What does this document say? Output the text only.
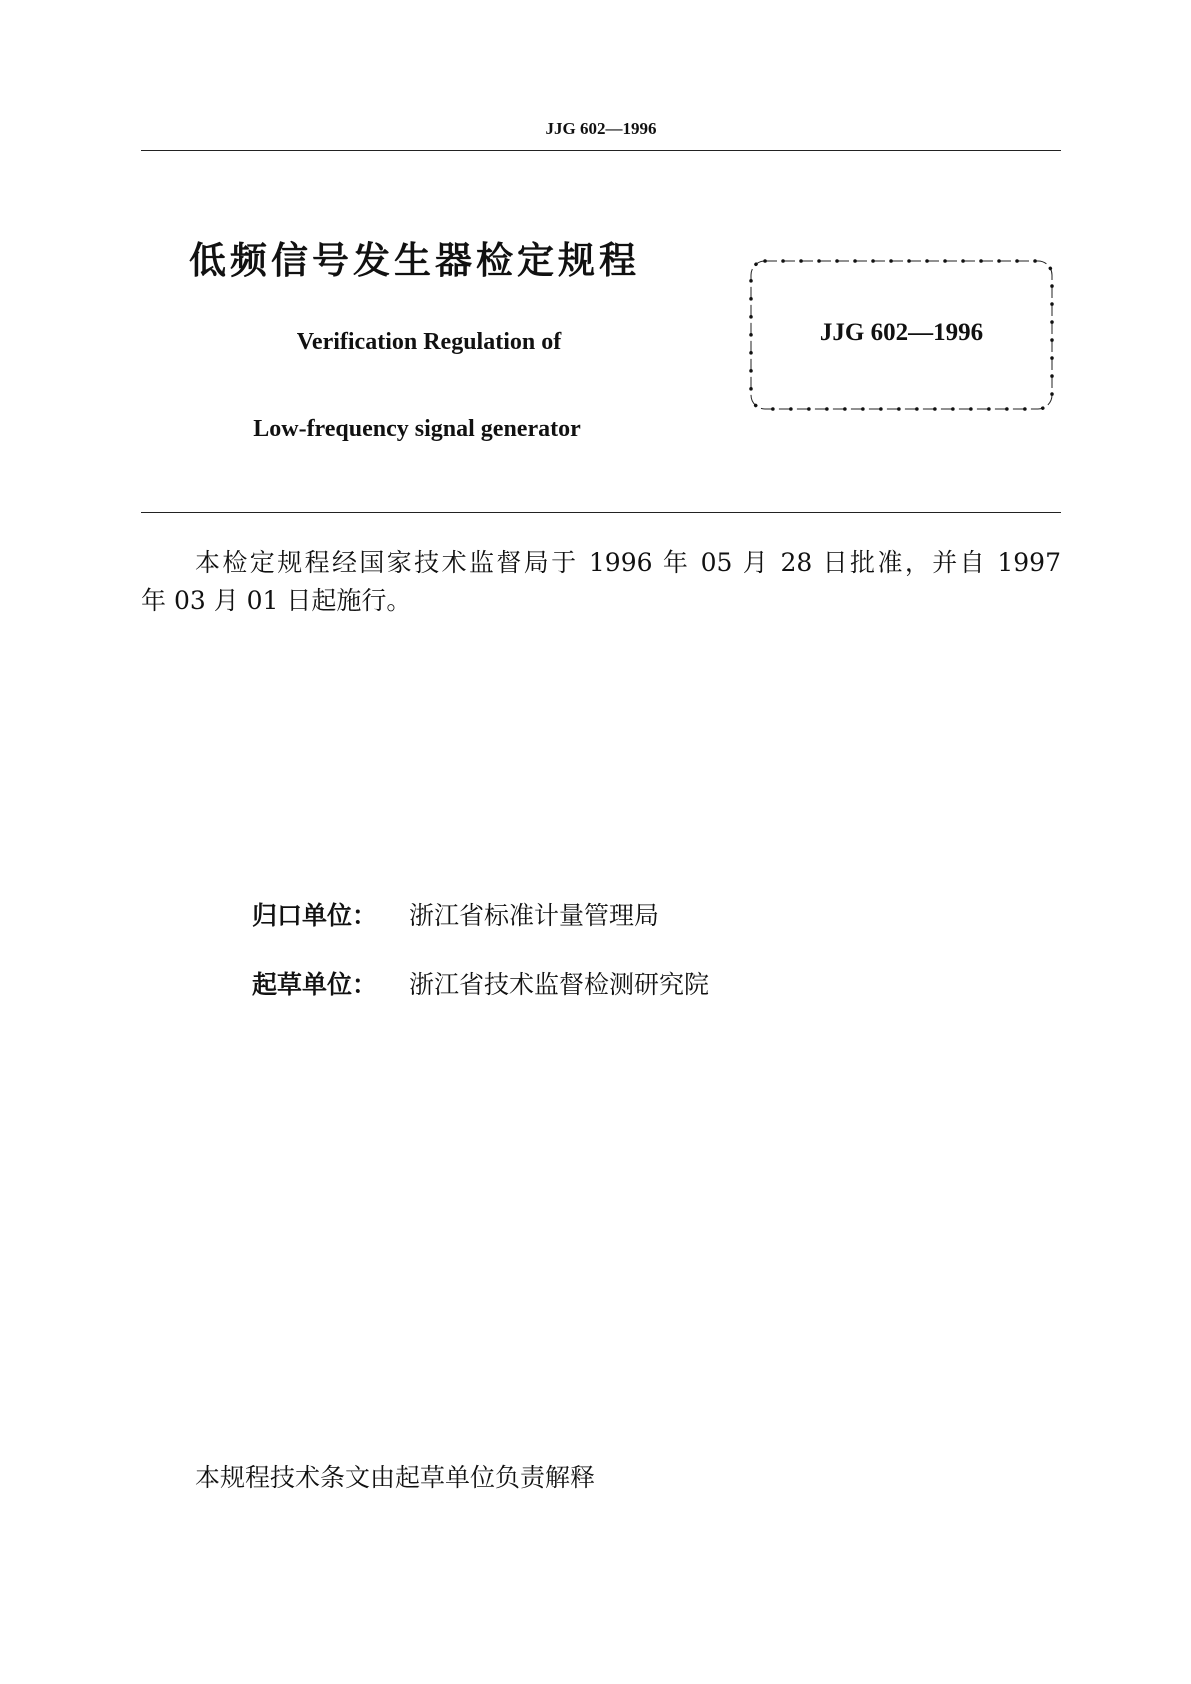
JJG 602—1996
低频信号发生器检定规程
Verification Regulation of
Low-frequency signal generator
JJG 602—1996
本检定规程经国家技术监督局于 1996 年 05 月 28 日批准，并自 1997
年 03 月 01 日起施行。
归口单位： 浙江省标准计量管理局
起草单位： 浙江省技术监督检测研究院
本规程技术条文由起草单位负责解释
